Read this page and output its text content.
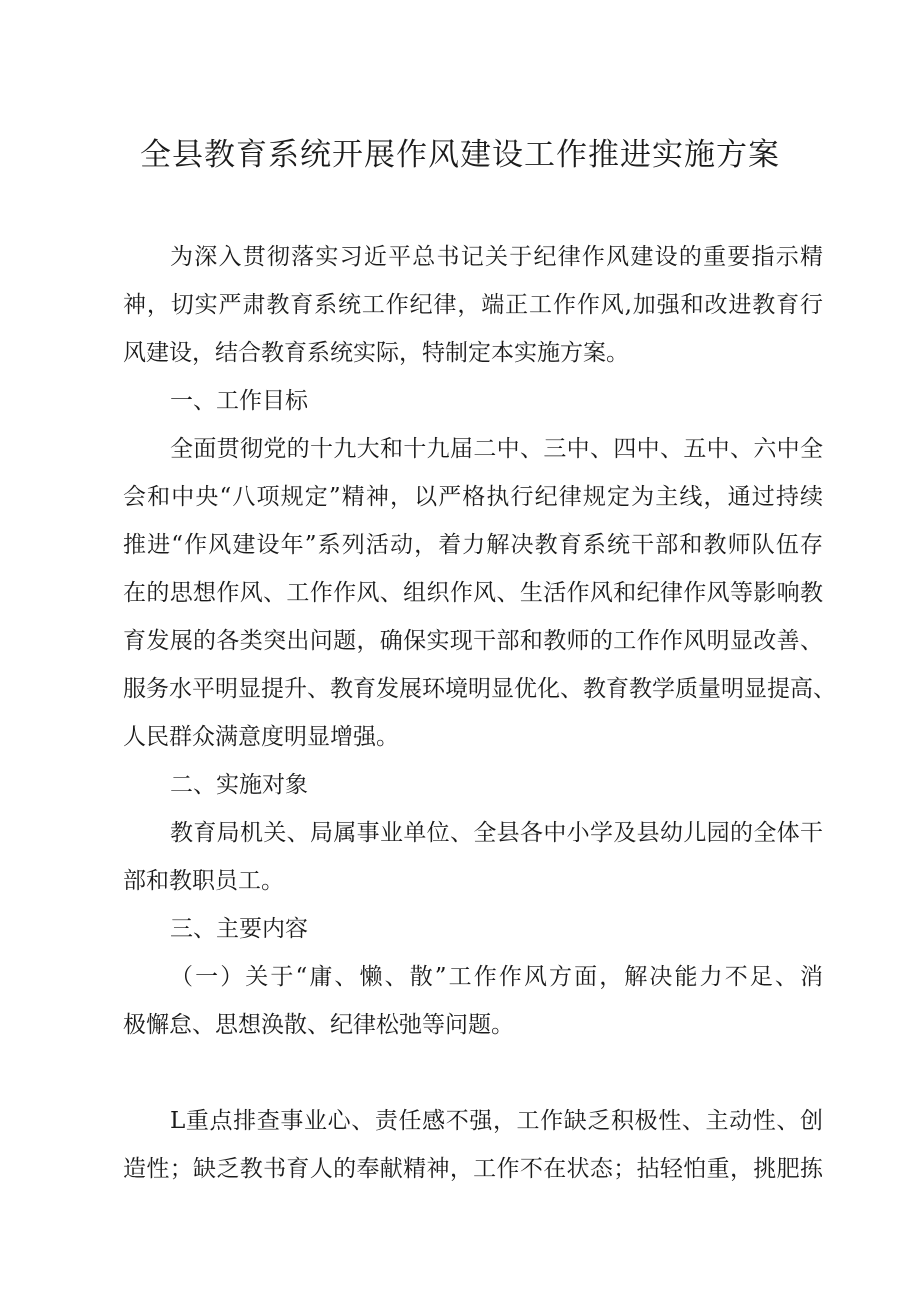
全县教育系统开展作风建设工作推进实施方案
为深入贯彻落实习近平总书记关于纪律作风建设的重要指示精
神，切实严肃教育系统工作纪律，端正工作作风,加强和改进教育行
风建设，结合教育系统实际，特制定本实施方案。
一、工作目标
全面贯彻党的十九大和十九届二中、三中、四中、五中、六中全
会和中央“八项规定”精神，以严格执行纪律规定为主线，通过持续
推进“作风建设年”系列活动，着力解决教育系统干部和教师队伍存
在的思想作风、工作作风、组织作风、生活作风和纪律作风等影响教
育发展的各类突出问题，确保实现干部和教师的工作作风明显改善、
服务水平明显提升、教育发展环境明显优化、教育教学质量明显提高、
人民群众满意度明显增强。
二、实施对象
教育局机关、局属事业单位、全县各中小学及县幼儿园的全体干
部和教职员工。
三、主要内容
（一）关于“庸、懒、散”工作作风方面，解决能力不足、消
极懈怠、思想涣散、纪律松弛等问题。
L重点排查事业心、责任感不强，工作缺乏积极性、主动性、创
造性；缺乏教书育人的奉献精神，工作不在状态；拈轻怕重，挑肥拣
